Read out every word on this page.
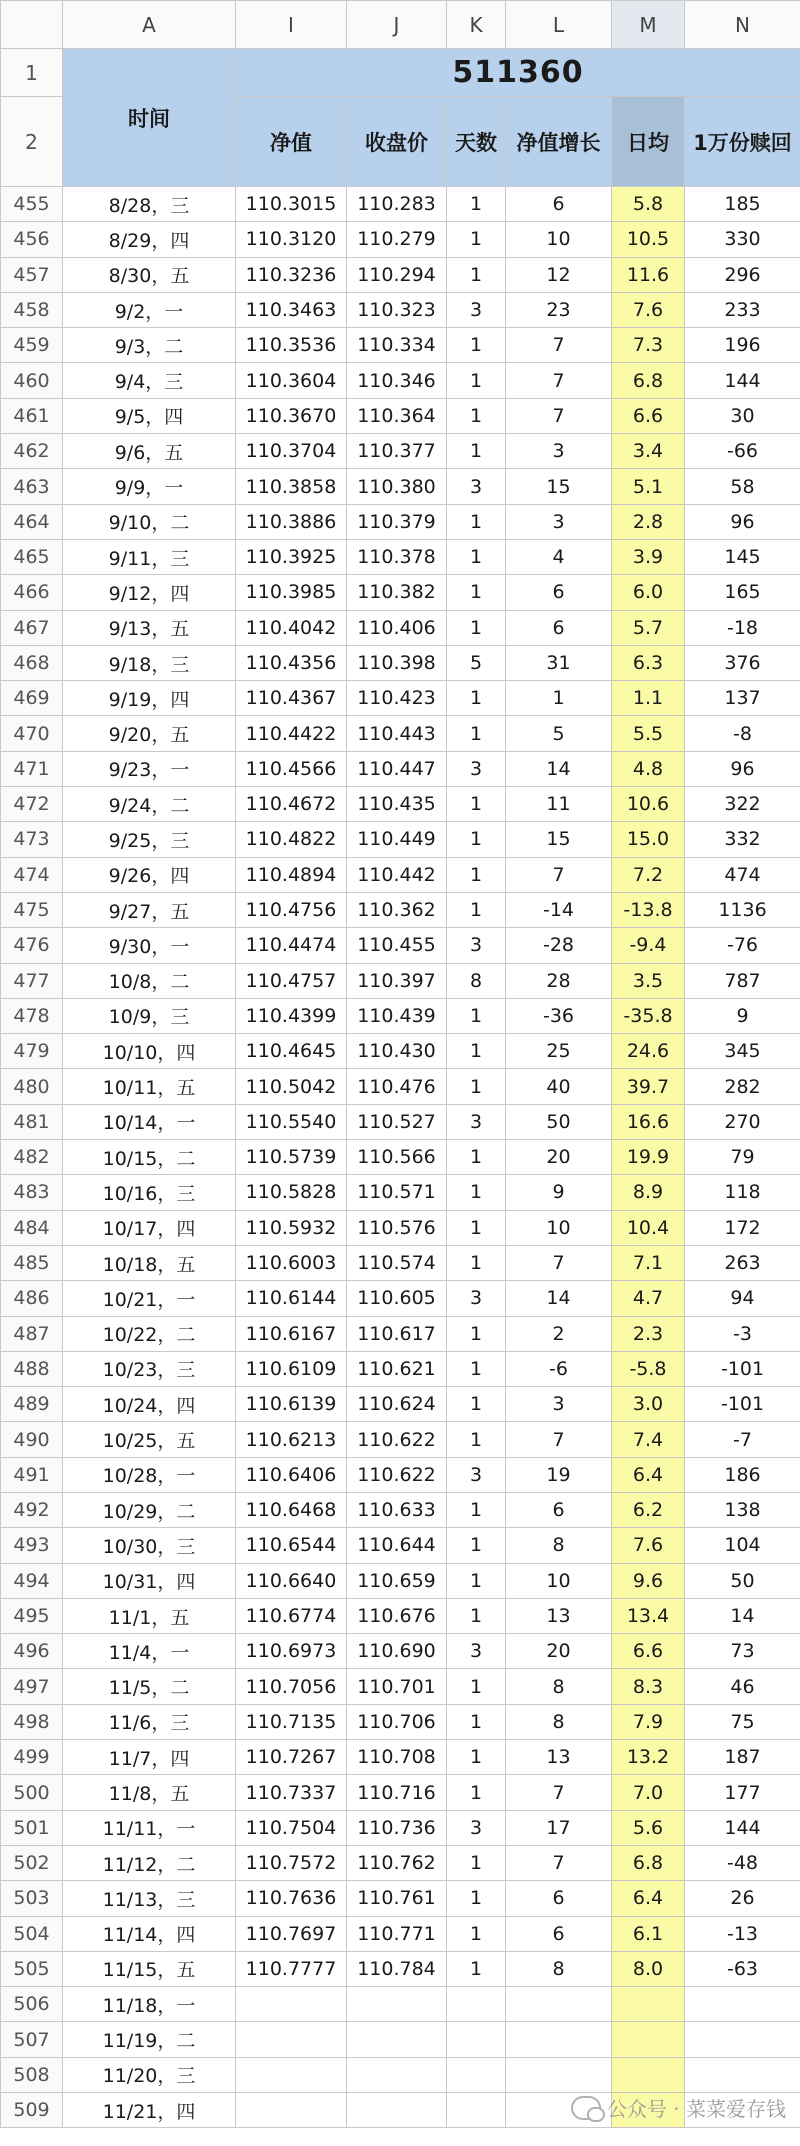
	A	I	J	K	L	M	N
1	时间	511360					
2		净值	收盘价	天数	净值增长	日均	1万份赎回
455	8/28，三	110.3015	110.283	1	6	5.8	185
456	8/29，四	110.3120	110.279	1	10	10.5	330
457	8/30，五	110.3236	110.294	1	12	11.6	296
458	9/2，一	110.3463	110.323	3	23	7.6	233
459	9/3，二	110.3536	110.334	1	7	7.3	196
460	9/4，三	110.3604	110.346	1	7	6.8	144
461	9/5，四	110.3670	110.364	1	7	6.6	30
462	9/6，五	110.3704	110.377	1	3	3.4	-66
463	9/9，一	110.3858	110.380	3	15	5.1	58
464	9/10，二	110.3886	110.379	1	3	2.8	96
465	9/11，三	110.3925	110.378	1	4	3.9	145
466	9/12，四	110.3985	110.382	1	6	6.0	165
467	9/13，五	110.4042	110.406	1	6	5.7	-18
468	9/18，三	110.4356	110.398	5	31	6.3	376
469	9/19，四	110.4367	110.423	1	1	1.1	137
470	9/20，五	110.4422	110.443	1	5	5.5	-8
471	9/23，一	110.4566	110.447	3	14	4.8	96
472	9/24，二	110.4672	110.435	1	11	10.6	322
473	9/25，三	110.4822	110.449	1	15	15.0	332
474	9/26，四	110.4894	110.442	1	7	7.2	474
475	9/27，五	110.4756	110.362	1	-14	-13.8	1136
476	9/30，一	110.4474	110.455	3	-28	-9.4	-76
477	10/8，二	110.4757	110.397	8	28	3.5	787
478	10/9，三	110.4399	110.439	1	-36	-35.8	9
479	10/10，四	110.4645	110.430	1	25	24.6	345
480	10/11，五	110.5042	110.476	1	40	39.7	282
481	10/14，一	110.5540	110.527	3	50	16.6	270
482	10/15，二	110.5739	110.566	1	20	19.9	79
483	10/16，三	110.5828	110.571	1	9	8.9	118
484	10/17，四	110.5932	110.576	1	10	10.4	172
485	10/18，五	110.6003	110.574	1	7	7.1	263
486	10/21，一	110.6144	110.605	3	14	4.7	94
487	10/22，二	110.6167	110.617	1	2	2.3	-3
488	10/23，三	110.6109	110.621	1	-6	-5.8	-101
489	10/24，四	110.6139	110.624	1	3	3.0	-101
490	10/25，五	110.6213	110.622	1	7	7.4	-7
491	10/28，一	110.6406	110.622	3	19	6.4	186
492	10/29，二	110.6468	110.633	1	6	6.2	138
493	10/30，三	110.6544	110.644	1	8	7.6	104
494	10/31，四	110.6640	110.659	1	10	9.6	50
495	11/1，五	110.6774	110.676	1	13	13.4	14
496	11/4，一	110.6973	110.690	3	20	6.6	73
497	11/5，二	110.7056	110.701	1	8	8.3	46
498	11/6，三	110.7135	110.706	1	8	7.9	75
499	11/7，四	110.7267	110.708	1	13	13.2	187
500	11/8，五	110.7337	110.716	1	7	7.0	177
501	11/11，一	110.7504	110.736	3	17	5.6	144
502	11/12，二	110.7572	110.762	1	7	6.8	-48
503	11/13，三	110.7636	110.761	1	6	6.4	26
504	11/14，四	110.7697	110.771	1	6	6.1	-13
505	11/15，五	110.7777	110.784	1	8	8.0	-63
506	11/18，一						
507	11/19，二						
508	11/20，三						
509	11/21，四							公众号 · 菜菜爱存钱
